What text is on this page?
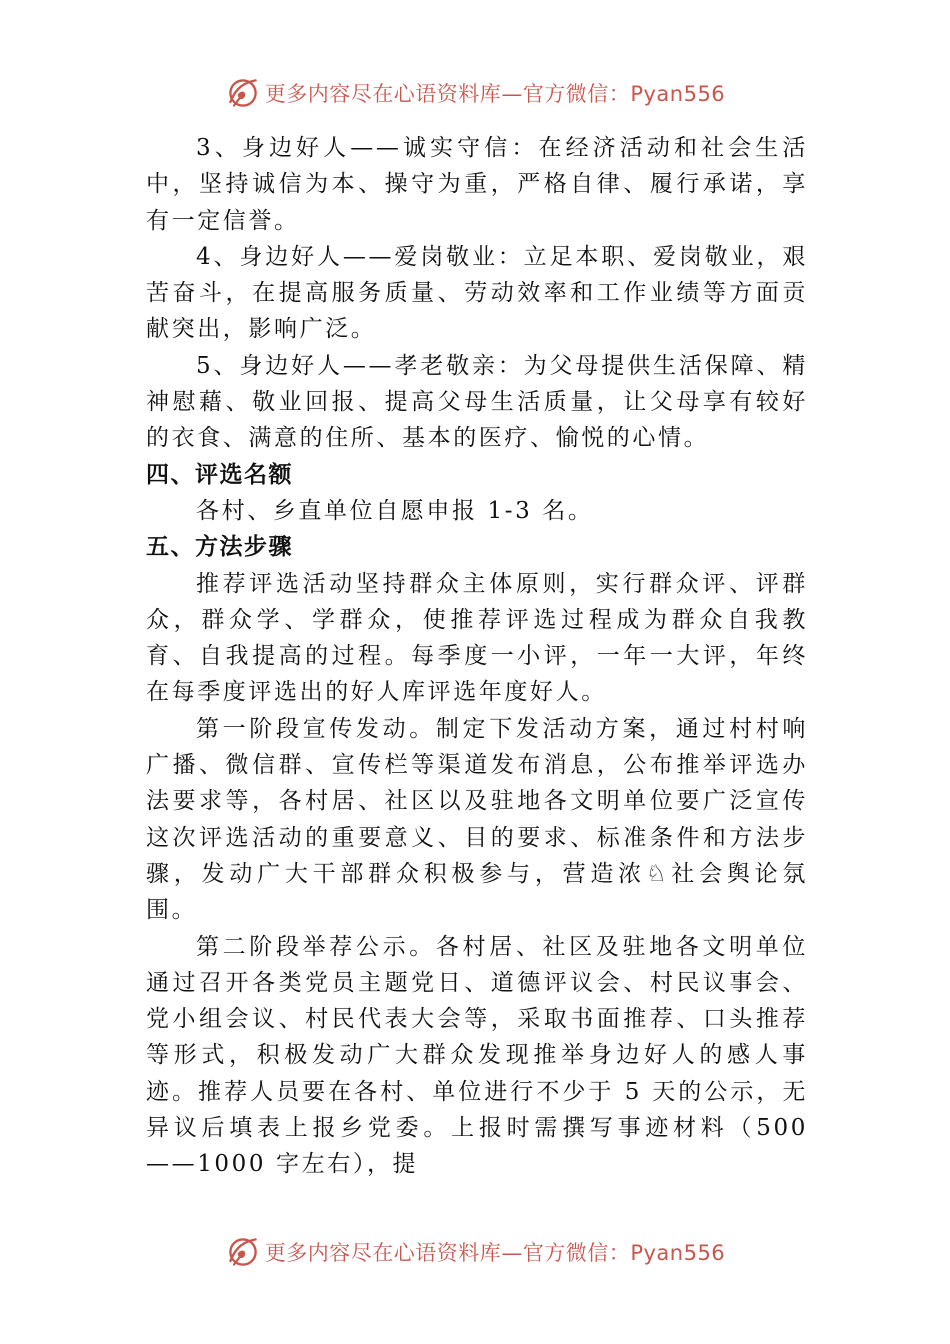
更多内容尽在心语资料库—官方微信：Pyan556

3、身边好人——诚实守信：在经济活动和社会生活中，坚持诚信为本、操守为重，严格自律、履行承诺，享有一定信誉。

4、身边好人——爱岗敬业：立足本职、爱岗敬业，艰苦奋斗，在提高服务质量、劳动效率和工作业绩等方面贡献突出，影响广泛。

5、身边好人——孝老敬亲：为父母提供生活保障、精神慰藉、敬业回报、提高父母生活质量，让父母享有较好的衣食、满意的住所、基本的医疗、愉悦的心情。

四、评选名额

各村、乡直单位自愿申报 1-3 名。

五、方法步骤

推荐评选活动坚持群众主体原则，实行群众评、评群众，群众学、学群众，使推荐评选过程成为群众自我教育、自我提高的过程。每季度一小评，一年一大评，年终在每季度评选出的好人库评选年度好人。

第一阶段宣传发动。制定下发活动方案，通过村村响广播、微信群、宣传栏等渠道发布消息，公布推举评选办法要求等，各村居、社区以及驻地各文明单位要广泛宣传这次评选活动的重要意义、目的要求、标准条件和方法步骤，发动广大干部群众积极参与，营造浓♘社会舆论氛围。

第二阶段举荐公示。各村居、社区及驻地各文明单位通过召开各类党员主题党日、道德评议会、村民议事会、党小组会议、村民代表大会等，采取书面推荐、口头推荐等形式，积极发动广大群众发现推举身边好人的感人事迹。推荐人员要在各村、单位进行不少于 5 天的公示，无异议后填表上报乡党委。上报时需撰写事迹材料（500——1000 字左右），提

更多内容尽在心语资料库—官方微信：Pyan556
